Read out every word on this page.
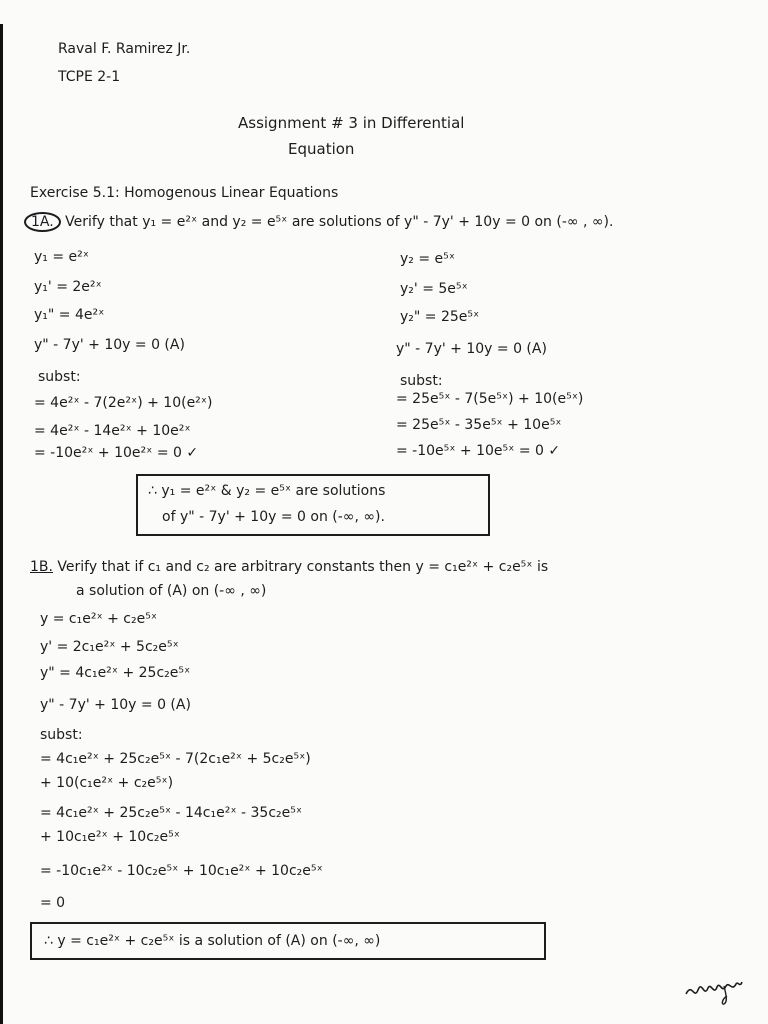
Raval F. Ramirez Jr.
TCPE 2-1
Assignment # 3 in Differential
Equation
Exercise 5.1: Homogenous Linear Equations
1A. Verify that y₁ = e²ˣ and y₂ = e⁵ˣ are solutions of y" - 7y' + 10y = 0 on (-∞ , ∞).
y₁ = e²ˣ
y₁' = 2e²ˣ
y₁" = 4e²ˣ
y" - 7y' + 10y = 0 (A)
subst:
= 4e²ˣ - 7(2e²ˣ) + 10(e²ˣ)
= 4e²ˣ - 14e²ˣ + 10e²ˣ
= -10e²ˣ + 10e²ˣ = 0 ✓
y₂ = e⁵ˣ
y₂' = 5e⁵ˣ
y₂" = 25e⁵ˣ
y" - 7y' + 10y = 0 (A)
subst:
= 25e⁵ˣ - 7(5e⁵ˣ) + 10(e⁵ˣ)
= 25e⁵ˣ - 35e⁵ˣ + 10e⁵ˣ
= -10e⁵ˣ + 10e⁵ˣ = 0 ✓
∴ y₁ = e²ˣ & y₂ = e⁵ˣ are solutions
of y" - 7y' + 10y = 0 on (-∞, ∞).
1B. Verify that if c₁ and c₂ are arbitrary constants then y = c₁e²ˣ + c₂e⁵ˣ is
a solution of (A) on (-∞ , ∞)
y = c₁e²ˣ + c₂e⁵ˣ
y' = 2c₁e²ˣ + 5c₂e⁵ˣ
y" = 4c₁e²ˣ + 25c₂e⁵ˣ
y" - 7y' + 10y = 0 (A)
subst:
= 4c₁e²ˣ + 25c₂e⁵ˣ - 7(2c₁e²ˣ + 5c₂e⁵ˣ)
+ 10(c₁e²ˣ + c₂e⁵ˣ)
= 4c₁e²ˣ + 25c₂e⁵ˣ - 14c₁e²ˣ - 35c₂e⁵ˣ
+ 10c₁e²ˣ + 10c₂e⁵ˣ
= -10c₁e²ˣ - 10c₂e⁵ˣ + 10c₁e²ˣ + 10c₂e⁵ˣ
= 0
∴ y = c₁e²ˣ + c₂e⁵ˣ is a solution of (A) on (-∞, ∞)
